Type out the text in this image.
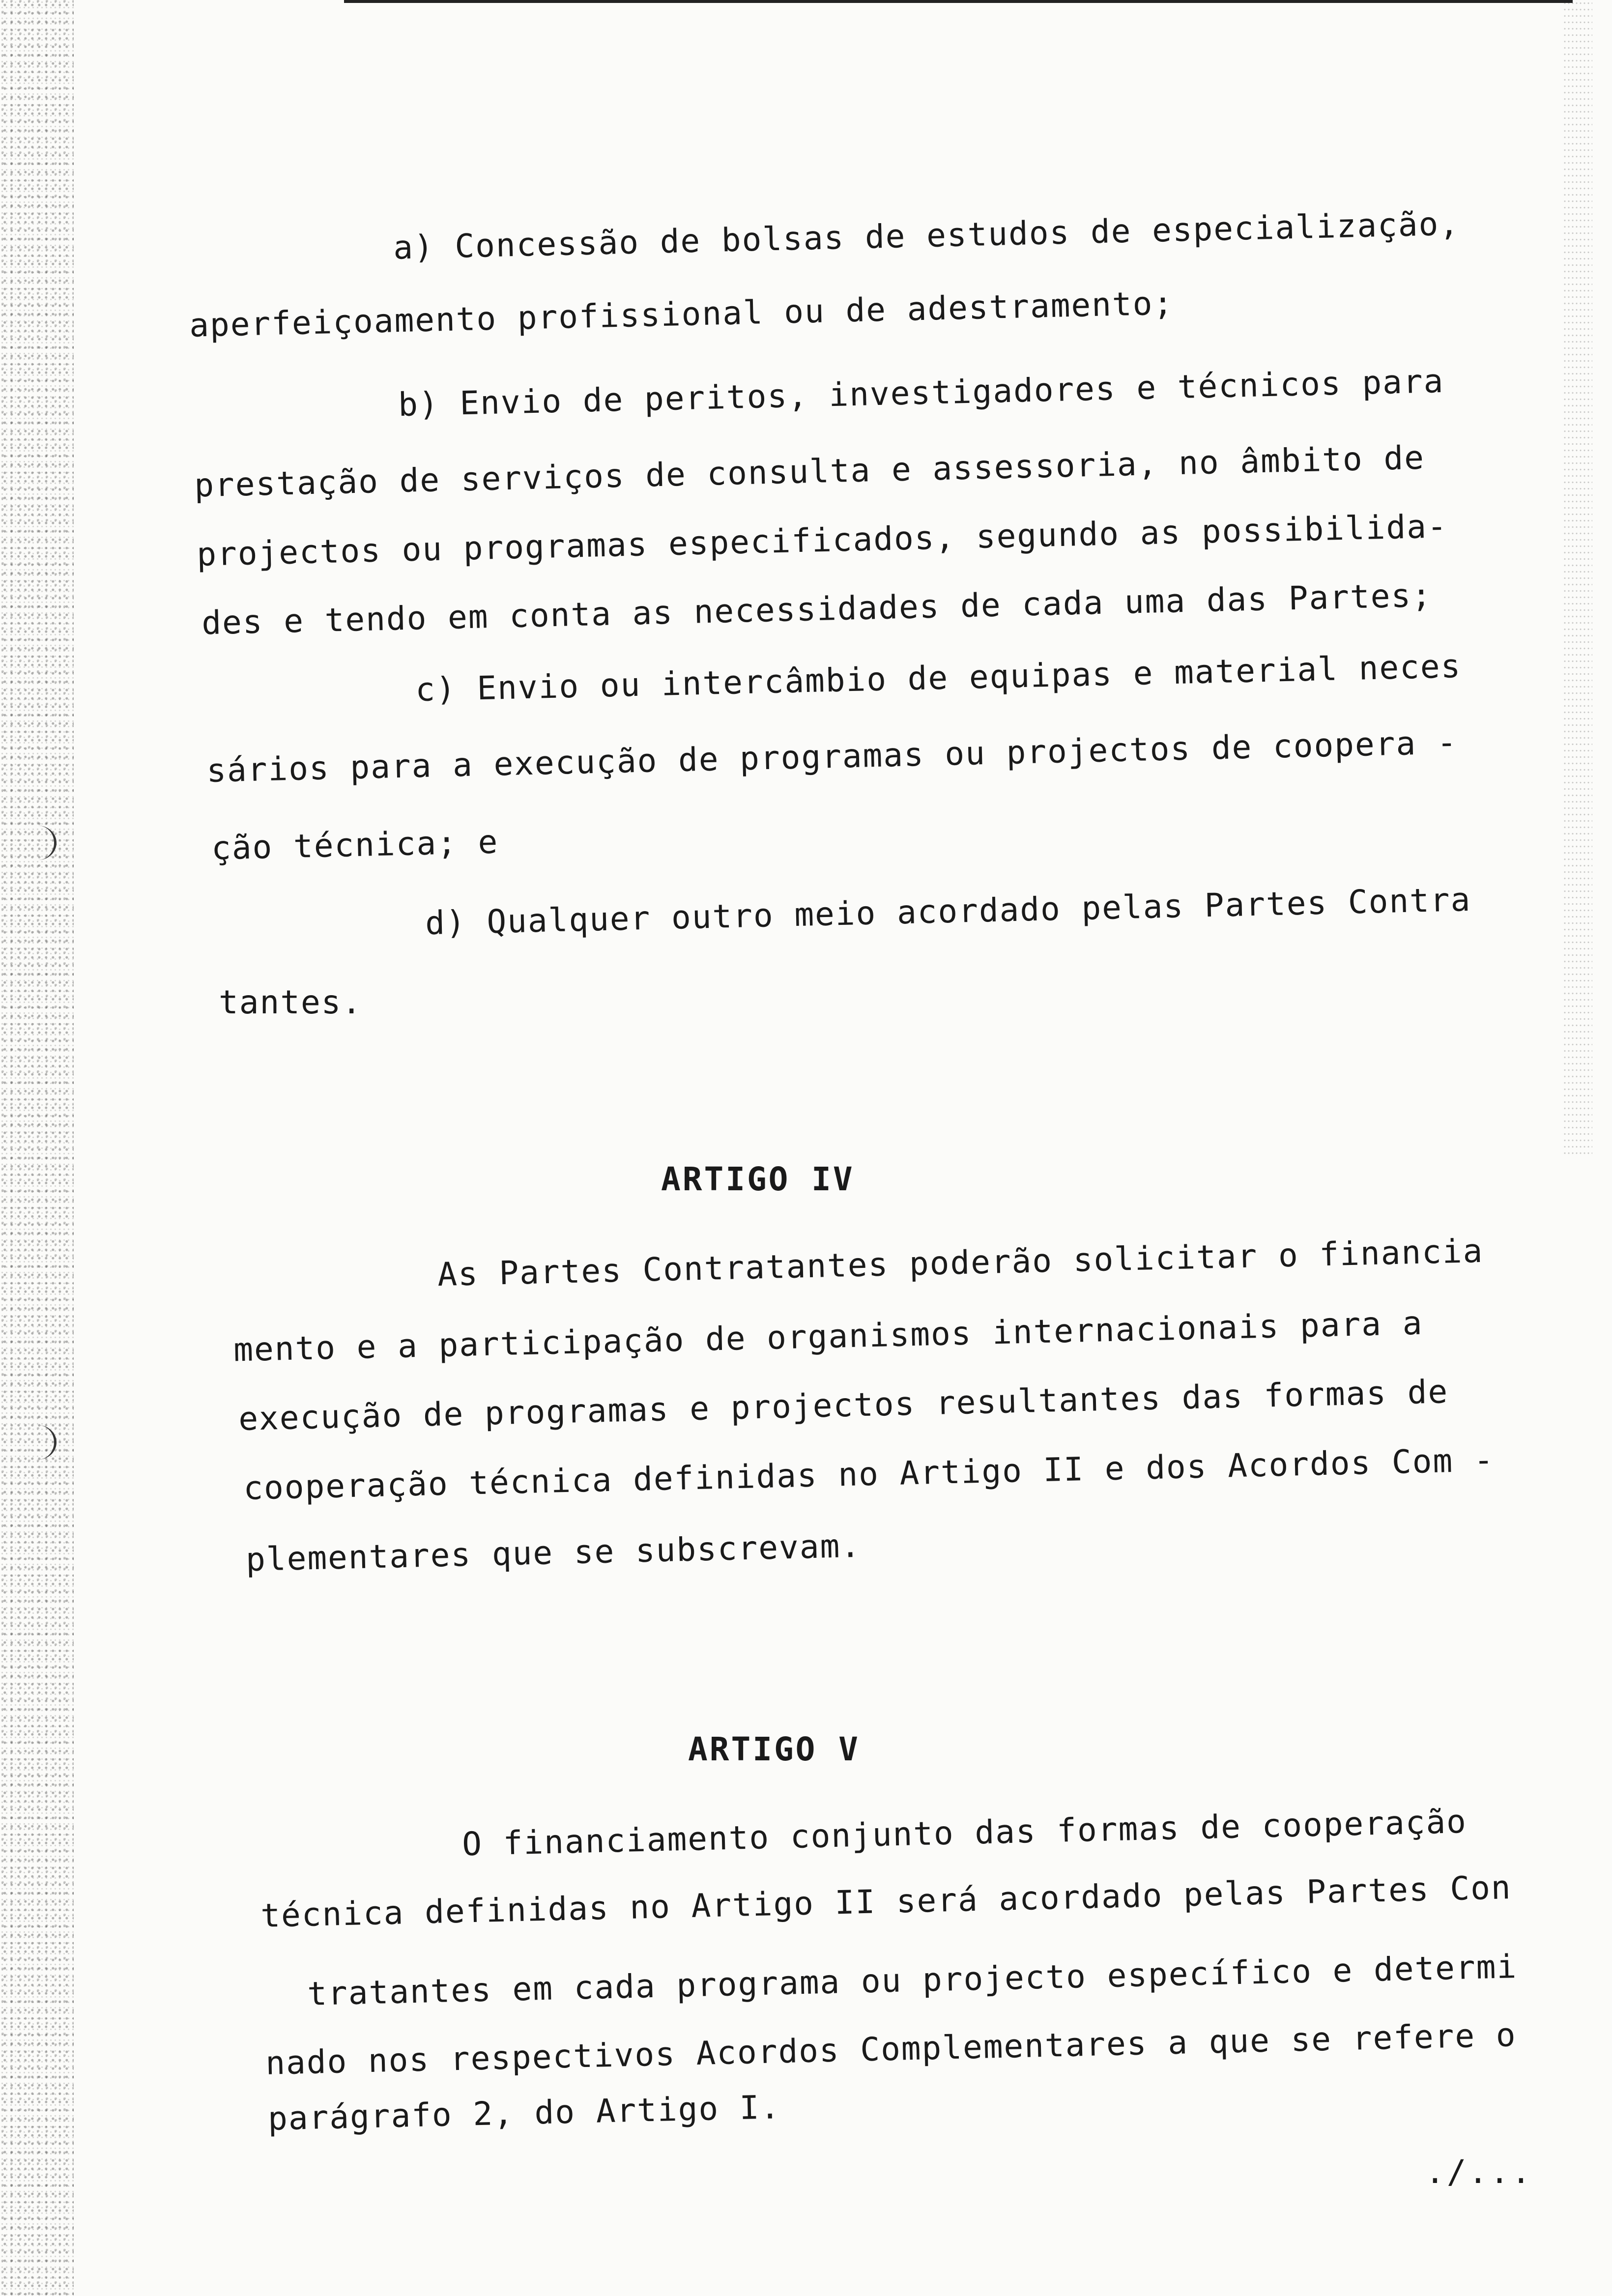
a) Concessão de bolsas de estudos de especialização,
aperfeiçoamento profissional ou de adestramento;
b) Envio de peritos, investigadores e técnicos para
prestação de serviços de consulta e assessoria, no âmbito de
projectos ou programas especificados, segundo as possibilida-
des e tendo em conta as necessidades de cada uma das Partes;
c) Envio ou intercâmbio de equipas e material neces
sários para a execução de programas ou projectos de coopera -
ção técnica; e
d) Qualquer outro meio acordado pelas Partes Contra
tantes.
ARTIGO IV
As Partes Contratantes poderão solicitar o financia
mento e a participação de organismos internacionais para a
execução de programas e projectos resultantes das formas de
cooperação técnica definidas no Artigo II e dos Acordos Com -
plementares que se subscrevam.
ARTIGO V
O financiamento conjunto das formas de cooperação
técnica definidas no Artigo II será acordado pelas Partes Con
tratantes em cada programa ou projecto específico e determi
nado nos respectivos Acordos Complementares a que se refere o
parágrafo 2, do Artigo I.
./...
